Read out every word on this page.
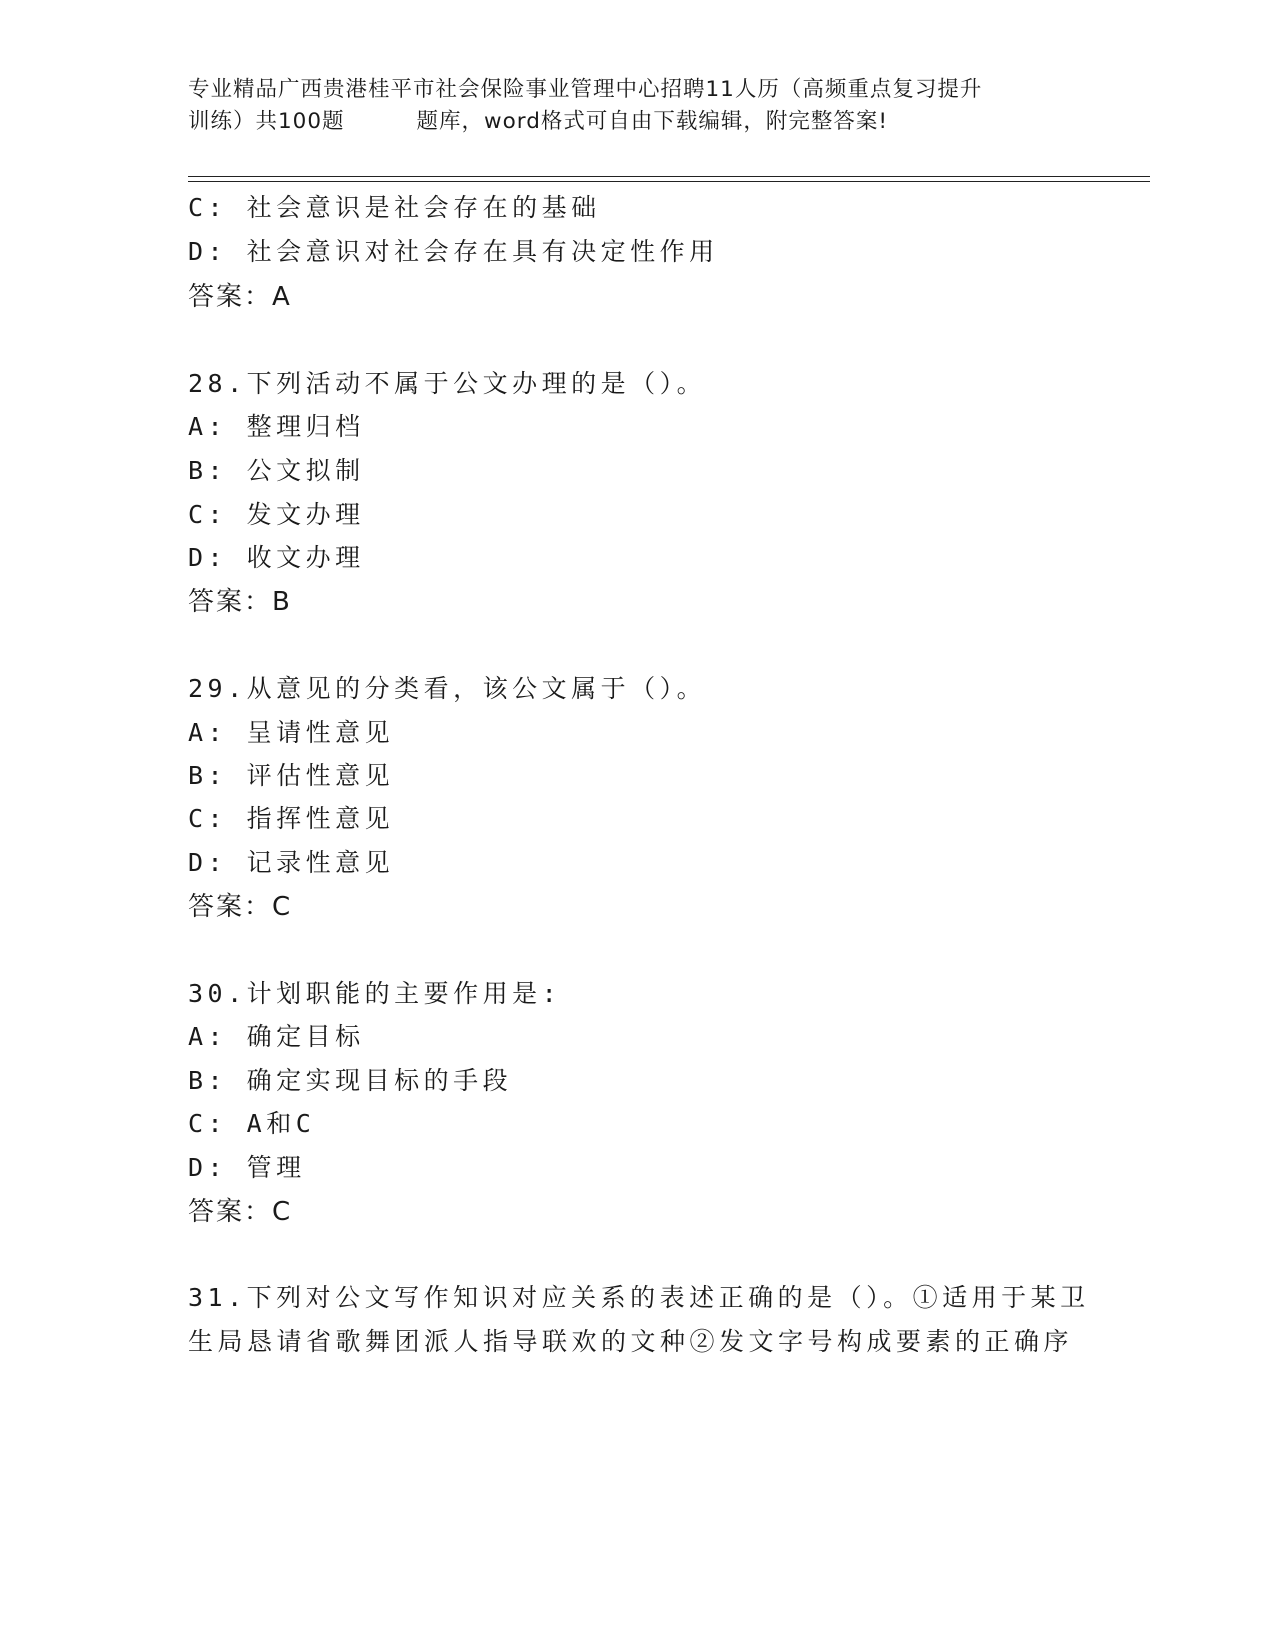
专业精品广西贵港桂平市社会保险事业管理中心招聘11人历（高频重点复习提升
训练）共100题	题库，word格式可自由下载编辑，附完整答案!
C: 社会意识是社会存在的基础
D: 社会意识对社会存在具有决定性作用
答案：A
28.下列活动不属于公文办理的是（）。
A: 整理归档
B: 公文拟制
C: 发文办理
D: 收文办理
答案：B
29.从意见的分类看，该公文属于（）。
A: 呈请性意见
B: 评估性意见
C: 指挥性意见
D: 记录性意见
答案：C
30.计划职能的主要作用是:
A: 确定目标
B: 确定实现目标的手段
C: A和C
D: 管理
答案：C
31.下列对公文写作知识对应关系的表述正确的是（）。①适用于某卫
生局恳请省歌舞团派人指导联欢的文种②发文字号构成要素的正确序
